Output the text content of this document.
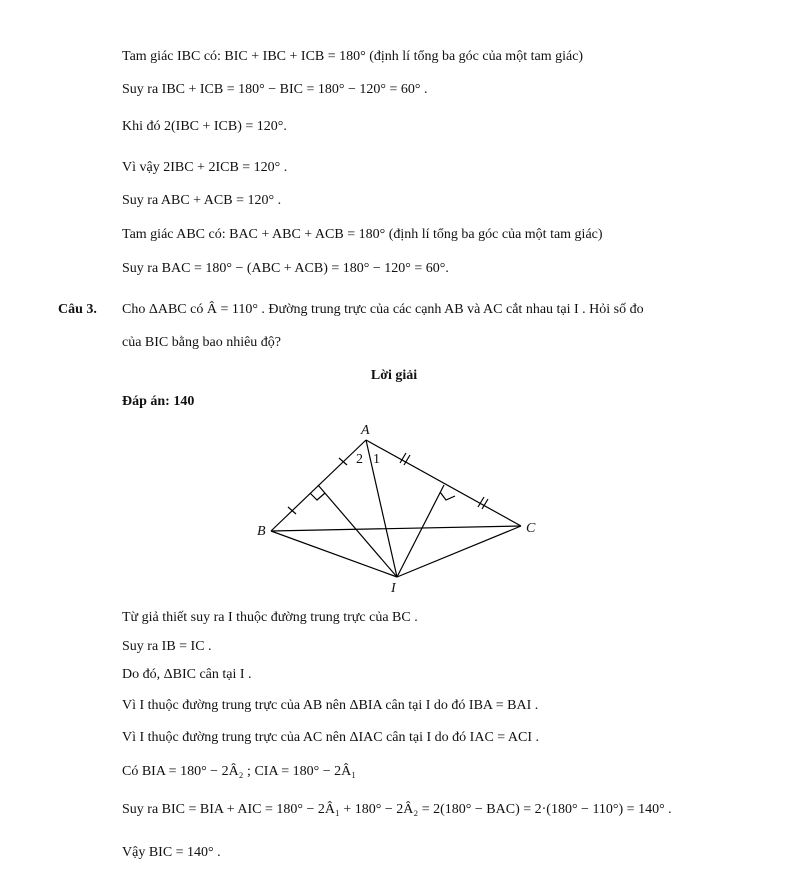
Tam giác IBC có: BIC + IBC + ICB = 180° (định lí tổng ba góc của một tam giác)
Suy ra IBC + ICB = 180° − BIC = 180° − 120° = 60° .
Khi đó 2(IBC + ICB) = 120°.
Vì vậy 2IBC + 2ICB = 120° .
Suy ra ABC + ACB = 120° .
Tam giác ABC có: BAC + ABC + ACB = 180° (định lí tổng ba góc của một tam giác)
Suy ra BAC = 180° − (ABC + ACB) = 180° − 120° = 60°.
Câu 3. Cho ΔABC có Â = 110° . Đường trung trực của các cạnh AB và AC cắt nhau tại I . Hỏi số đo
của BIC bằng bao nhiêu độ?
Lời giải
Đáp án: 140
A
2 1
B	C
I
Từ giả thiết suy ra I thuộc đường trung trực của BC .
Suy ra IB = IC .
Do đó, ΔBIC cân tại I .
Vì I thuộc đường trung trực của AB nên ΔBIA cân tại I do đó IBA = BAI .
Vì I thuộc đường trung trực của AC nên ΔIAC cân tại I do đó IAC = ACI .
Có BIA = 180° − 2Â₂ ; CIA = 180° − 2Â₁
Suy ra BIC = BIA + AIC = 180° − 2Â₁ + 180° − 2Â₂ = 2(180° − BAC) = 2·(180° − 110°) = 140° .
Vậy BIC = 140° .
